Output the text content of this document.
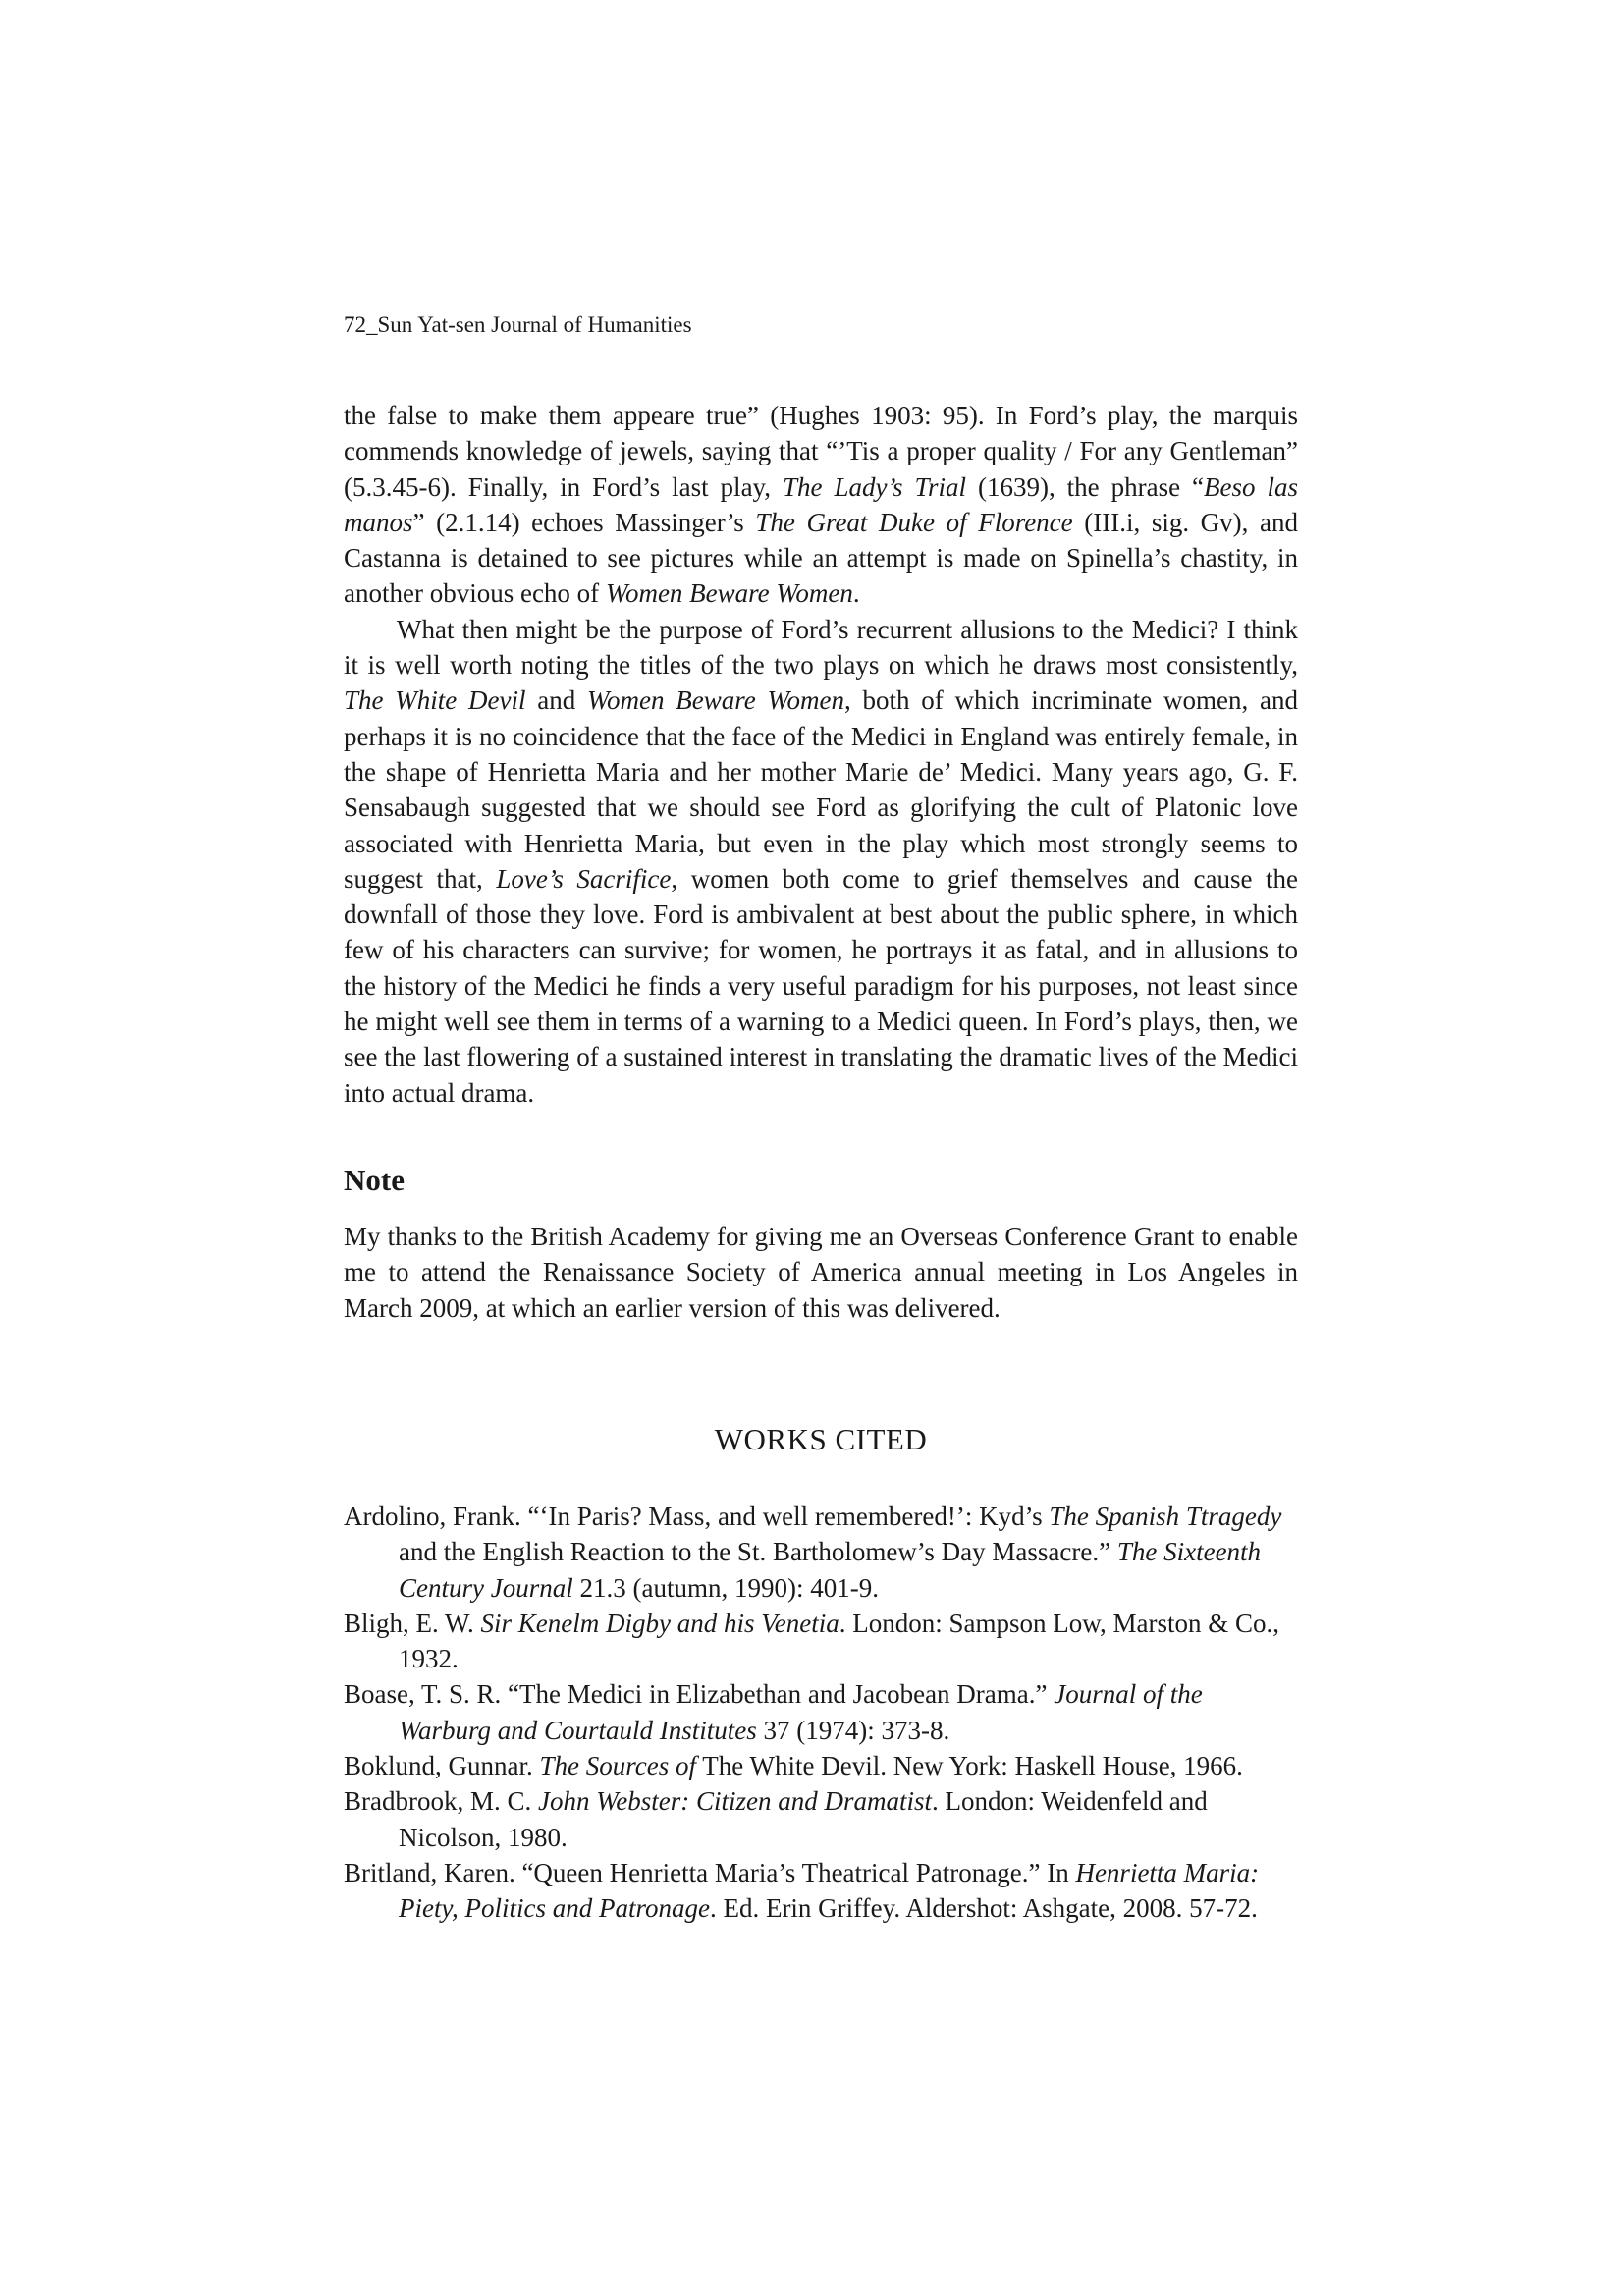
72_Sun Yat-sen Journal of Humanities

the false to make them appeare true” (Hughes 1903: 95). In Ford’s play, the marquis commends knowledge of jewels, saying that “’Tis a proper quality / For any Gentleman” (5.3.45-6). Finally, in Ford’s last play, The Lady’s Trial (1639), the phrase “Beso las manos” (2.1.14) echoes Massinger’s The Great Duke of Florence (III.i, sig. Gv), and Castanna is detained to see pictures while an attempt is made on Spinella’s chastity, in another obvious echo of Women Beware Women.

What then might be the purpose of Ford’s recurrent allusions to the Medici? I think it is well worth noting the titles of the two plays on which he draws most consistently, The White Devil and Women Beware Women, both of which incriminate women, and perhaps it is no coincidence that the face of the Medici in England was entirely female, in the shape of Henrietta Maria and her mother Marie de’ Medici. Many years ago, G. F. Sensabaugh suggested that we should see Ford as glorifying the cult of Platonic love associated with Henrietta Maria, but even in the play which most strongly seems to suggest that, Love’s Sacrifice, women both come to grief themselves and cause the downfall of those they love. Ford is ambivalent at best about the public sphere, in which few of his characters can survive; for women, he portrays it as fatal, and in allusions to the history of the Medici he finds a very useful paradigm for his purposes, not least since he might well see them in terms of a warning to a Medici queen. In Ford’s plays, then, we see the last flowering of a sustained interest in translating the dramatic lives of the Medici into actual drama.

Note

My thanks to the British Academy for giving me an Overseas Conference Grant to enable me to attend the Renaissance Society of America annual meeting in Los Angeles in March 2009, at which an earlier version of this was delivered.

WORKS CITED
Ardolino, Frank. “‘In Paris? Mass, and well remembered!’: Kyd’s The Spanish Ttragedy and the English Reaction to the St. Bartholomew’s Day Massacre.” The Sixteenth Century Journal 21.3 (autumn, 1990): 401-9.
Bligh, E. W. Sir Kenelm Digby and his Venetia. London: Sampson Low, Marston & Co., 1932.
Boase, T. S. R. “The Medici in Elizabethan and Jacobean Drama.” Journal of the Warburg and Courtauld Institutes 37 (1974): 373-8.
Boklund, Gunnar. The Sources of The White Devil. New York: Haskell House, 1966.
Bradbrook, M. C. John Webster: Citizen and Dramatist. London: Weidenfeld and Nicolson, 1980.
Britland, Karen. “Queen Henrietta Maria’s Theatrical Patronage.” In Henrietta Maria: Piety, Politics and Patronage. Ed. Erin Griffey. Aldershot: Ashgate, 2008. 57-72.
